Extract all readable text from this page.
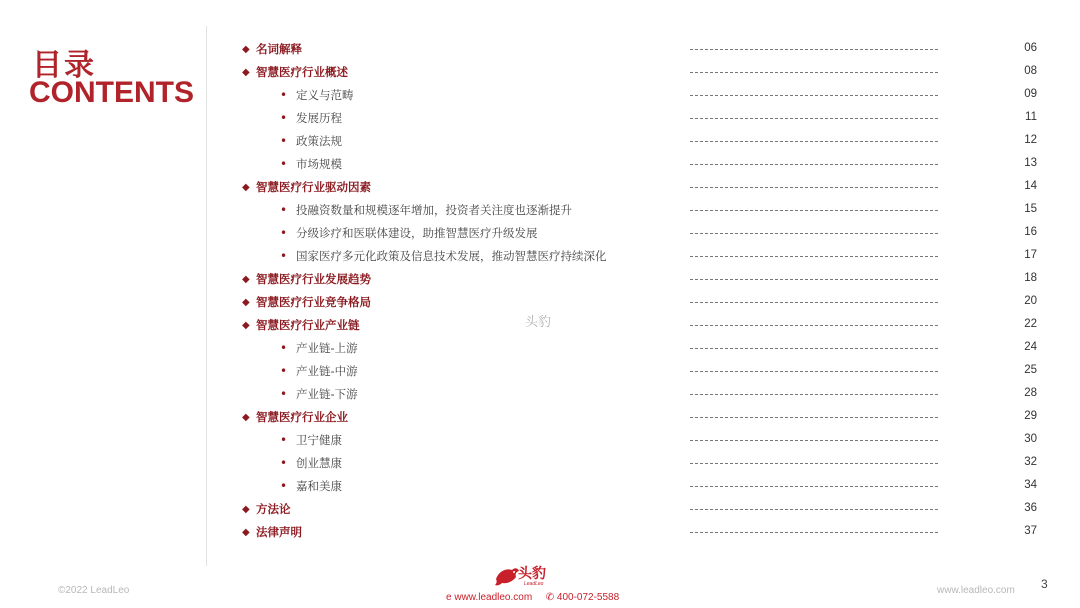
目录
CONTENTS
◆ 名词解释	06
◆ 智慧医疗行业概述	08
• 定义与范畴	09
• 发展历程	11
• 政策法规	12
• 市场规模	13
◆ 智慧医疗行业驱动因素	14
• 投融资数量和规模逐年增加，投资者关注度也逐渐提升	15
• 分级诊疗和医联体建设，助推智慧医疗升级发展	16
• 国家医疗多元化政策及信息技术发展，推动智慧医疗持续深化	17
◆ 智慧医疗行业发展趋势	18
◆ 智慧医疗行业竞争格局	20
◆ 智慧医疗行业产业链	22
• 产业链-上游	24
• 产业链-中游	25
• 产业链-下游	28
◆ 智慧医疗行业企业	29
• 卫宁健康	30
• 创业慧康	32
• 嘉和美康	34
◆ 方法论	36
◆ 法律声明	37
头豹
©2022 LeadLeo
头豹
LeadLeo
e www.leadleo.com ✆ 400-072-5588
www.leadleo.com 3
